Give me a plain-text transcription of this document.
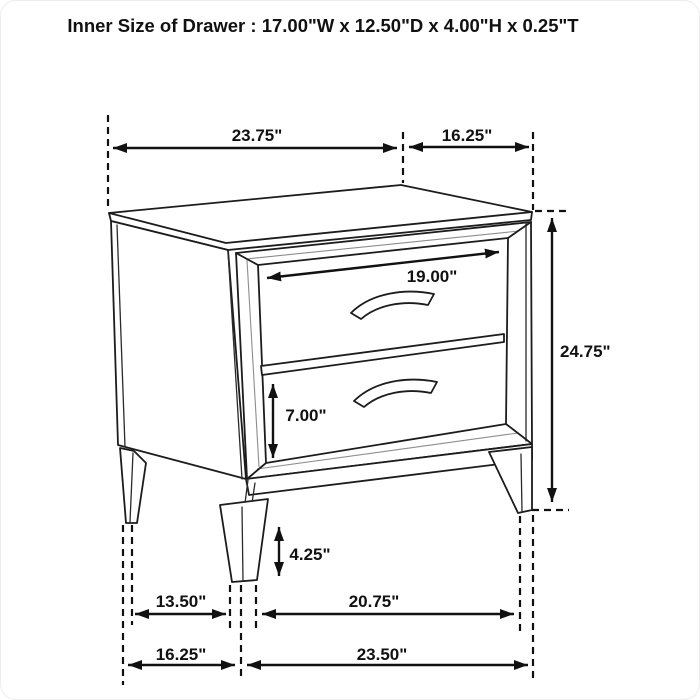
Inner Size of Drawer : 17.00"W x 12.50"D x 4.00"H x 0.25"T
23.75"	16.25"
19.00"
24.75"
7.00"
4.25"
13.50"	20.75"
16.25"	23.50"
